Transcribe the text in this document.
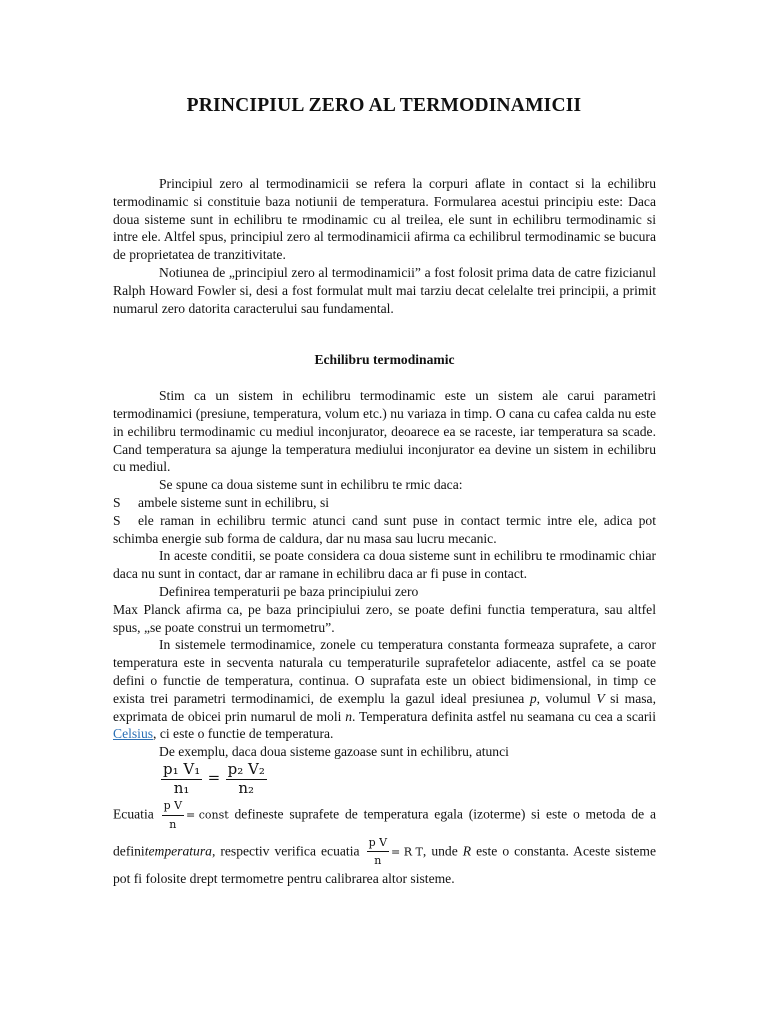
PRINCIPIUL ZERO AL TERMODINAMICII

Principiul zero al termodinamicii se refera la corpuri aflate in contact si la echilibru termodinamic si constituie baza notiunii de temperatura. Formularea acestui principiu este: Daca doua sisteme sunt in echilibru te rmodinamic cu al treilea, ele sunt in echilibru termodinamic si intre ele. Altfel spus, principiul zero al termodinamicii afirma ca echilibrul termodinamic se bucura de proprietatea de tranzitivitate.

Notiunea de „principiul zero al termodinamicii” a fost folosit prima data de catre fizicianul Ralph Howard Fowler si, desi a fost formulat mult mai tarziu decat celelalte trei principii, a primit numarul zero datorita caracterului sau fundamental.

Echilibru termodinamic

Stim ca un sistem in echilibru termodinamic este un sistem ale carui parametri termodinamici (presiune, temperatura, volum etc.) nu variaza in timp. O cana cu cafea calda nu este in echilibru termodinamic cu mediul inconjurator, deoarece ea se raceste, iar temperatura sa scade. Cand temperatura sa ajunge la temperatura mediului inconjurator ea devine un sistem in echilibru cu mediul.

Se spune ca doua sisteme sunt in echilibru te rmic daca:

S ambele sisteme sunt in echilibru, si

S ele raman in echilibru termic atunci cand sunt puse in contact termic intre ele, adica pot schimba energie sub forma de caldura, dar nu masa sau lucru mecanic.

In aceste conditii, se poate considera ca doua sisteme sunt in echilibru te rmodinamic chiar daca nu sunt in contact, dar ar ramane in echilibru daca ar fi puse in contact.

Definirea temperaturii pe baza principiului zero

Max Planck afirma ca, pe baza principiului zero, se poate defini functia temperatura, sau altfel spus, „se poate construi un termometru”.

In sistemele termodinamice, zonele cu temperatura constanta formeaza suprafete, a caror temperatura este in secventa naturala cu temperaturile suprafetelor adiacente, astfel ca se poate defini o functie de temperatura, continua. O suprafata este un obiect bidimensional, in timp ce exista trei parametri termodinamici, de exemplu la gazul ideal presiunea p, volumul V si masa, exprimata de obicei prin numarul de moli n. Temperatura definita astfel nu seamana cu cea a scarii Celsius, ci este o functie de temperatura.

De exemplu, daca doua sisteme gazoase sunt in echilibru, atunci

$\frac{\text{p₁ V₁}}{\text{n₁}} = \frac{\text{p₂ V₂}}{\text{n₂}}$

Ecuatia $\frac{\text{p V}}{n}$ = const defineste suprafete de temperatura egala (izoterme) si este o metoda de a definitemperatura, respectiv verifica ecuatia $\frac{\text{p V}}{n} = R$ T, unde R este o constanta. Aceste sisteme pot fi folosite drept termometre pentru calibrarea altor sisteme.
